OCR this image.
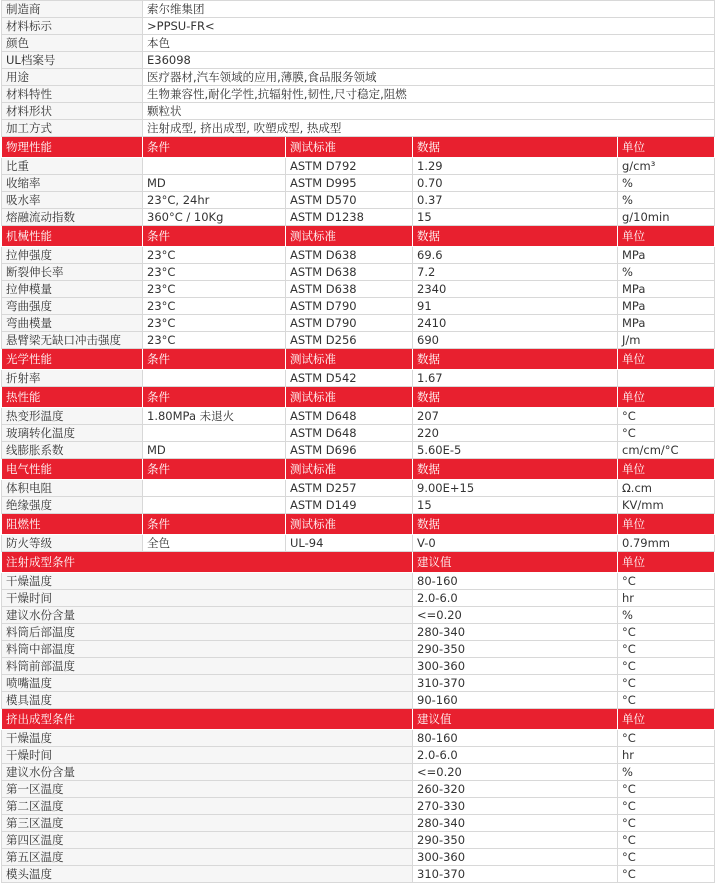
制造商	索尔维集团			
材料标示	>PPSU-FR<			
颜色	本色			
UL档案号	E36098			
用途	医疗器材,汽车领域的应用,薄膜,食品服务领域			
材料特性	生物兼容性,耐化学性,抗辐射性,韧性,尺寸稳定,阻燃			
材料形状	颗粒状			
加工方式	注射成型, 挤出成型, 吹塑成型, 热成型			
物理性能	条件	测试标准	数据	单位
比重		ASTM D792	1.29	g/cm³
收缩率	MD	ASTM D995	0.70	%
吸水率	23°C, 24hr	ASTM D570	0.37	%
熔融流动指数	360°C / 10Kg	ASTM D1238	15	g/10min
机械性能	条件	测试标准	数据	单位
拉伸强度	23°C	ASTM D638	69.6	MPa
断裂伸长率	23°C	ASTM D638	7.2	%
拉伸模量	23°C	ASTM D638	2340	MPa
弯曲强度	23°C	ASTM D790	91	MPa
弯曲模量	23°C	ASTM D790	2410	MPa
悬臂梁无缺口冲击强度	23°C	ASTM D256	690	J/m
光学性能	条件	测试标准	数据	单位
折射率		ASTM D542	1.67	
热性能	条件	测试标准	数据	单位
热变形温度	1.80MPa 未退火	ASTM D648	207	°C
玻璃转化温度		ASTM D648	220	°C
线膨胀系数	MD	ASTM D696	5.60E-5	cm/cm/°C
电气性能	条件	测试标准	数据	单位
体积电阻		ASTM D257	9.00E+15	Ω.cm
绝缘强度		ASTM D149	15	KV/mm
阻燃性	条件	测试标准	数据	单位
防火等级	全色	UL-94	V-0	0.79mm
注射成型条件			建议值	单位
干燥温度			80-160	°C
干燥时间			2.0-6.0	hr
建议水份含量			<=0.20	%
料筒后部温度			280-340	°C
料筒中部温度			290-350	°C
料筒前部温度			300-360	°C
喷嘴温度			310-370	°C
模具温度			90-160	°C
挤出成型条件			建议值	单位
干燥温度			80-160	°C
干燥时间			2.0-6.0	hr
建议水份含量			<=0.20	%
第一区温度			260-320	°C
第二区温度			270-330	°C
第三区温度			280-340	°C
第四区温度			290-350	°C
第五区温度			300-360	°C
模头温度			310-370	°C
